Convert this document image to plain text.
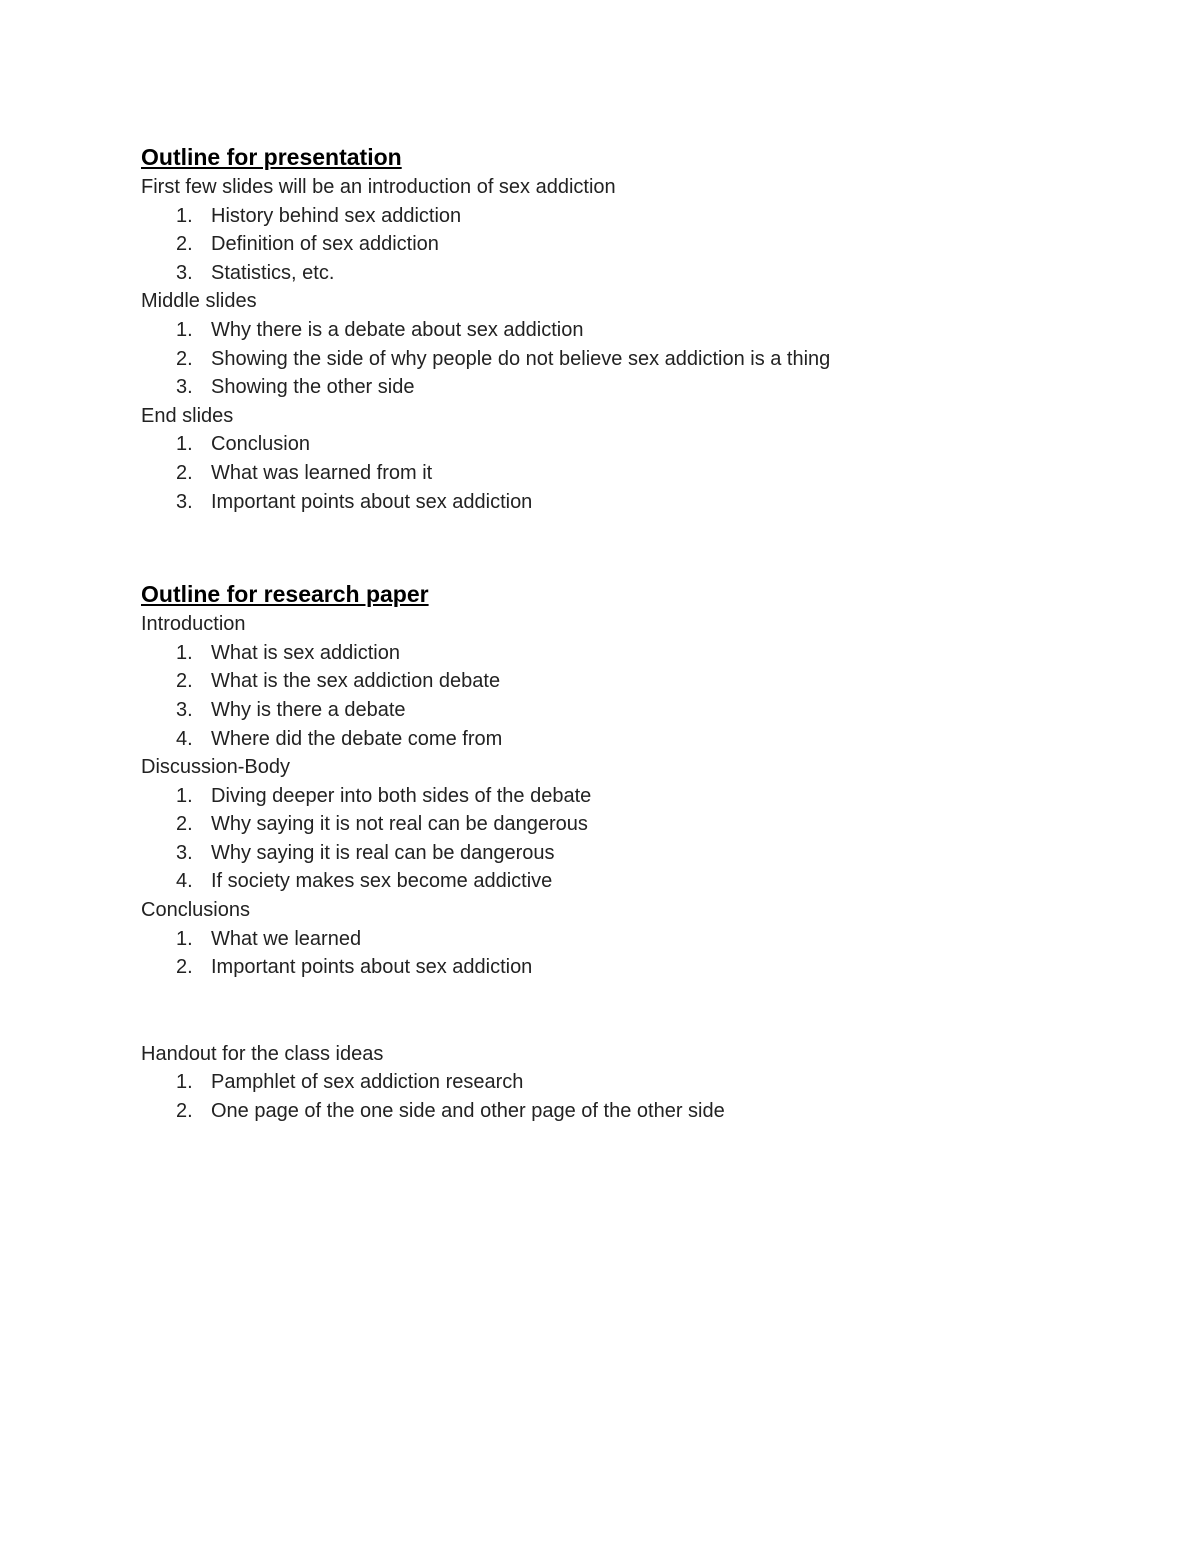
Outline for presentation
First few slides will be an introduction of sex addiction
1. History behind sex addiction
2. Definition of sex addiction
3. Statistics, etc.
Middle slides
1. Why there is a debate about sex addiction
2. Showing the side of why people do not believe sex addiction is a thing
3. Showing the other side
End slides
1. Conclusion
2. What was learned from it
3. Important points about sex addiction
Outline for research paper
Introduction
1. What is sex addiction
2. What is the sex addiction debate
3. Why is there a debate
4. Where did the debate come from
Discussion-Body
1. Diving deeper into both sides of the debate
2. Why saying it is not real can be dangerous
3. Why saying it is real can be dangerous
4. If society makes sex become addictive
Conclusions
1. What we learned
2. Important points about sex addiction
Handout for the class ideas
1. Pamphlet of sex addiction research
2. One page of the one side and other page of the other side
